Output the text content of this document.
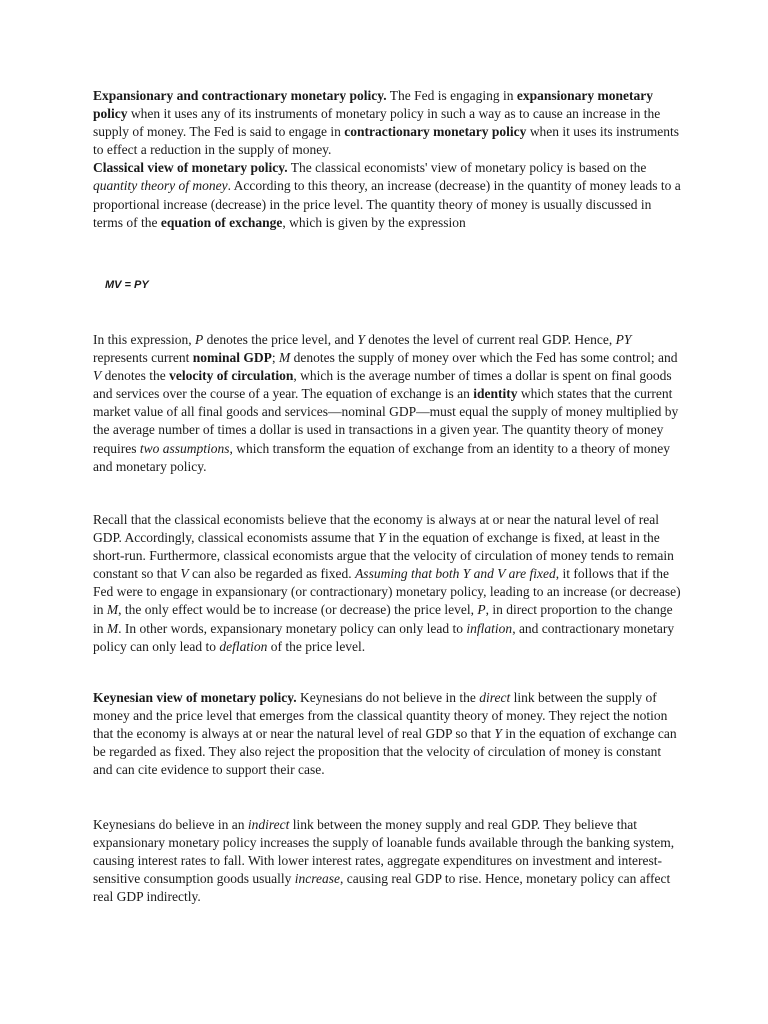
Expansionary and contractionary monetary policy. The Fed is engaging in expansionary monetary policy when it uses any of its instruments of monetary policy in such a way as to cause an increase in the supply of money. The Fed is said to engage in contractionary monetary policy when it uses its instruments to effect a reduction in the supply of money.
Classical view of monetary policy. The classical economists' view of monetary policy is based on the quantity theory of money. According to this theory, an increase (decrease) in the quantity of money leads to a proportional increase (decrease) in the price level. The quantity theory of money is usually discussed in terms of the equation of exchange, which is given by the expression

MV = PY

In this expression, P denotes the price level, and Y denotes the level of current real GDP. Hence, PY represents current nominal GDP; M denotes the supply of money over which the Fed has some control; and V denotes the velocity of circulation, which is the average number of times a dollar is spent on final goods and services over the course of a year. The equation of exchange is an identity which states that the current market value of all final goods and services—nominal GDP—must equal the supply of money multiplied by the average number of times a dollar is used in transactions in a given year. The quantity theory of money requires two assumptions, which transform the equation of exchange from an identity to a theory of money and monetary policy.

Recall that the classical economists believe that the economy is always at or near the natural level of real GDP. Accordingly, classical economists assume that Y in the equation of exchange is fixed, at least in the short-run. Furthermore, classical economists argue that the velocity of circulation of money tends to remain constant so that V can also be regarded as fixed. Assuming that both Y and V are fixed, it follows that if the Fed were to engage in expansionary (or contractionary) monetary policy, leading to an increase (or decrease) in M, the only effect would be to increase (or decrease) the price level, P, in direct proportion to the change in M. In other words, expansionary monetary policy can only lead to inflation, and contractionary monetary policy can only lead to deflation of the price level.

Keynesian view of monetary policy. Keynesians do not believe in the direct link between the supply of money and the price level that emerges from the classical quantity theory of money. They reject the notion that the economy is always at or near the natural level of real GDP so that Y in the equation of exchange can be regarded as fixed. They also reject the proposition that the velocity of circulation of money is constant and can cite evidence to support their case.

Keynesians do believe in an indirect link between the money supply and real GDP. They believe that expansionary monetary policy increases the supply of loanable funds available through the banking system, causing interest rates to fall. With lower interest rates, aggregate expenditures on investment and interest-sensitive consumption goods usually increase, causing real GDP to rise. Hence, monetary policy can affect real GDP indirectly.
